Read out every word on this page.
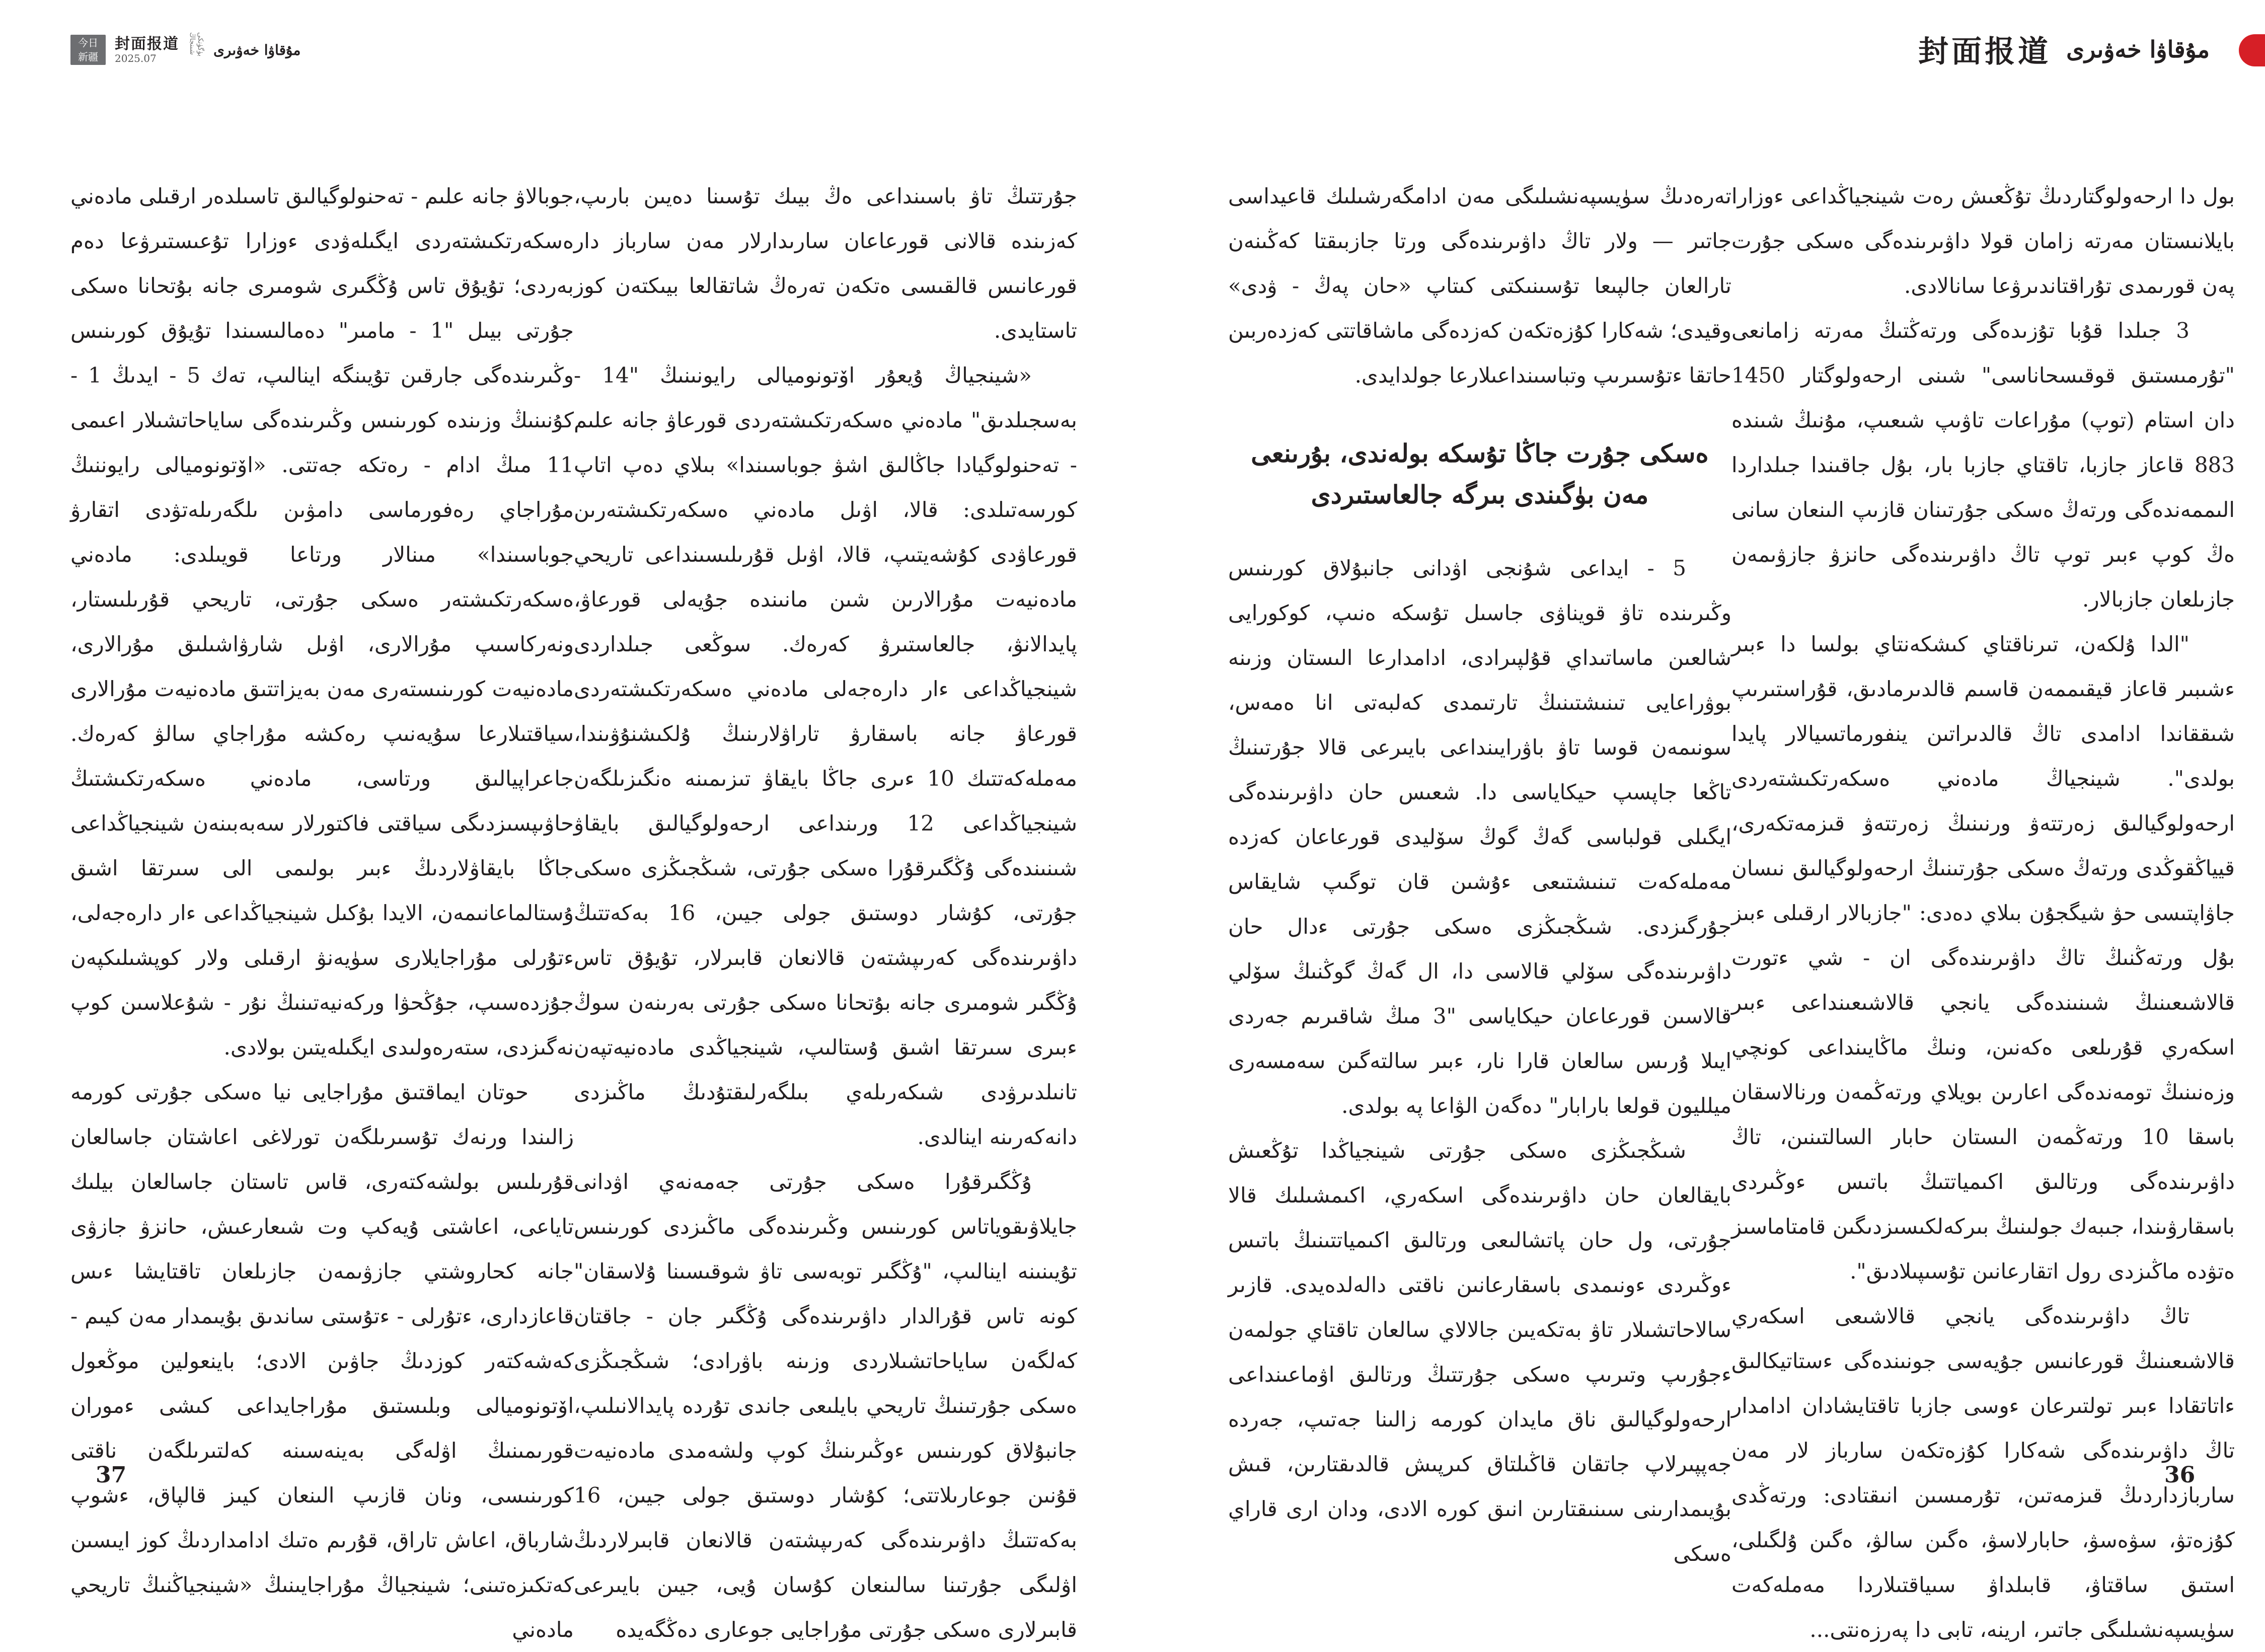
今日
新疆
封面报道
2025.07
بۈگۈنكى شىنجاڭ	مۇقاۋا خەۋىرى	封面报道 مۇقاۋا خەۋىرى

بول دا ارحەولوگتاردىڭ تۇڭعىش رەت شينجياڭداعى ءوزارا بايلانىستان مەرتە زامان قولا داۋىرىندەگى ەسكى جۇرت پەن قورىمدى تۇراقتاندىرۋعا سانالادى.

3 جىلدا قۇبا تۇزىدەگى ورتەڭتىڭ مەرتە زامانعى "تۇرمىستىق قوقىسحاناسى" شىنى ارحەولوگتار 1450 دان استام (توپ) مۇراعات تاۋىپ شىعىپ، مۇنىڭ شىندە 883 قاعاز جازبا، تاقتاي جازبا بار، بۇل جاقىندا جىلداردا الىممەندەگى ورتەڭ ەسكى جۇرتىنان قازىپ الىنعان سانى ەڭ كوپ ءبىر توپ تاڭ داۋىرىندەگى حانزۋ جازۋىمەن جازىلعان جازبالار.

"الدا ۇلكەن، تىرناقتاي كىشكەنتاي بولسا دا ءبىر ءشىبىر قاعاز قيقىممەن قاسىم قالدىرمادىق، قۇراستىرىپ شىققاندا ادامدى تاڭ قالدىراتىن ينفورماتسيالار پايدا بولدى". شينجياڭ مادەني ەسكەرتكىشتەردى ارحەولوگيالىق زەرتتەۋ ورنىنىڭ زەرتتەۋ قىزمەتكەرى، قيياڭقوڭدى ورتەڭ ەسكى جۇرتىنىڭ ارحەولوگيالىق نىسان جاۋاپتىسى حۋ شيگجۇن بىلاي دەدى: "جازبالار ارقىلى ءبىز بۇل ورتەڭنىڭ تاڭ داۋىرىندەگى ان - شي ءتورت قالاشىعىنىڭ شىنىندەگى يانجي قالاشىعىنداعى ءبىر اسكەري قۇرىلعى ەكەنىن، ونىڭ ماڭايىنداعى كونچي وزەنىنىڭ تومەندەگى اعارىن بويلاي ورتەڭمەن ورنالاسقان باسقا 10 ورتەڭمەن الىستان حابار السالتىنىن، تاڭ داۋىرىندەگى ورتالىق اكىمياتتىڭ باتىس ءوڭىردى باسقارۋىندا، جىبەك جولىنىڭ بىركەلكىسىزدىگىن قامتاماسىز ەتۋدە ماڭىزدى رول اتقارعانىن تۇسىپىلادىق".

تاڭ داۋىرىندەگى يانجي قالاشىعى اسكەري قالاشىعىنىڭ قورعانىس جۇيەسى جونىندەگى ءستاتيكالىق ءاتاتقادا ءبىر تولتىرعان ءوسى جازبا تاقتايشادان ادامدار تاڭ داۋىرىندەگى شەكارا كۇزەتكەن سارباز لار مەن ساربازداردىڭ قىزمەتىن، تۇرمىسىن انىقتادى: ورتەڭدى كۇزەتۋ، سۋەسۋ، حابارلاسۋ، ەگىن سالۋ، ەگىن ۇلگىلى، استىق ساقتاۋ، قابىلداۋ سىياقتىلاردا مەملەكەت سۈيسپەنشىلىگى جاتىر، ارينە، تابى دا پەرزەنتى...

تەرەدىڭ سۈيسپەنشىلىگى مەن ادامگەرشىلىك قاعيداسى جاتىر — ولار تاڭ داۋىرىندەگى ورتا جازبىقتا كەڭىنەن تارالعان جالپىعا تۇسىنىكتى كىتاپ «حان پەڭ - ۋدى» وقيدى؛ شەكارا كۇزەتكەن كەزدەگى ماشاقاتتى كەزدەربىن حاتقا ءتۇسىرىپ وتباسىنداعىلارعا جولدايدى.

ەسكى جۇرت جاڭا تۇسكە بولەندى، بۇرىنعى مەن بۈگىندى بىرگە جالعاستىردى

5 - ايداعى شۇنجى اۋدانى جانبۇلاق كورىنىس وڭىرىندە تاۋ قويناۋى جاسىل تۇسكە ەنىپ، كوكورايى شالعىن ماساتىداي قۇلپىرادى، ادامدارعا الىستان وزىنە بوۋراعايى تىنىشتىنىڭ تارتىمدى كەلبەتى انا ەمەس، سونىمەن قوسا تاۋ باۋرايىنداعى بايىرعى قالا جۇرتىنىڭ تاڭعا جاپسپ حيكاياسى دا. شعىس حان داۋىرىندەگى ايگىلى قولباسى گەڭ گوڭ سۆليدى قورعاعان كەزدە مەملەكەت تىنىشتىعى ءۇشىن قان توگىپ شايقاس جۇرگىزدى. شىڭجىڭزى ەسكى جۇرتى ءدال حان داۋىرىندەگى سۆلي قالاسى دا، ال گەڭ گوڭنىڭ سۆلي قالاسىن قورعاعان حيكاياسى "3 مىڭ شاقىرىم جەردى ايىلا ۇرىس سالعان قارا نار، ءبىر سالتەگىن سەمسەرى ميلليون قولعا بارابار" دەگەن الۋاعا پە بولدى.

شىڭجىڭزى ەسكى جۇرتى شينجياڭدا تۇڭعىش بايقالعان حان داۋىرىندەگى اسكەري، اكىمشىلىك قالا جۇرتى، ول حان پاتشالىعى ورتالىق اكىمياتتىنىڭ باتىس ءوڭىردى ءونىمدى باسقارعانىن ناقتى دالەلدەيدى. قازىر سالاحاتشىلار تاۋ بەتكەيىن جالالاي سالعان تاقتاي جولمەن ءجۇرىپ وتىرىپ ەسكى جۇرتتىڭ ورتالىق اۋماعىنداعى ارحەولوگيالىق ناق مايدان كورمە زالىنا جەتىپ، جەردە جەپپىرلاپ جاتقان قاڭىلتاق كىرپىش قالدىقتارىن، قىش بۇيىمدارىنى سىنىقتارىن انىق كورە الادى، ودان ارى قاراي ەسكى

جۇرتتىڭ تاۋ باسىنداعى ەڭ بيىك تۇسىنا دەيىن بارىپ، كەزىندە قالانى قورعاعان سارىدارلار مەن سارباز دار قورعانىس قالقىسى ەتكەن تەرەڭ شاتقالعا بيىكتەن كوز تاستايدى.

«شينجياڭ ۇيعۇر اۆتونوميالى رايونىنىڭ "14 - بەسجىلدىق" مادەني ەسكەرتكىشتەردى قورعاۋ جانە علىم - تەحنولوگيادا جاڭالىق اشۋ جوباسىندا» بىلاي دەپ اتاپ كورسەتىلدى: قالا، اۋىل مادەني ەسكەرتكىشتەرىن قورعاۋدى كۇشەيتىپ، قالا، اۋىل قۇرىلىسىنداعى تاريحي مادەنيەت مۇرالارىن شىن مانىندە جۇيەلى قورعاۋ، پايدالانۋ، جالعاستىرۋ كەرەك. سوڭعى جىلداردى شينجياڭداعى ءار دارەجەلى مادەني ەسكەرتكىشتەردى قورعاۋ جانە باسقارۋ تاراۋلارىنىڭ ۇلكىشنۇۋىندا، مەملەكەتتىك 10 ءىرى جاڭا بايقاۋ تىزىمىنە ەنگىزىلگەن شينجياڭداعى 12 ورىنداعى ارحەولوگيالىق بايقاۋ شىنىندەگى ۇڭگىرقۇرا ەسكى جۇرتى، شىڭجىڭزى ەسكى جۇرتى، كۇشار دوستىق جولى جيىن، 16 بەكەتتىڭ داۋىرىندەگى كەرىپشتەن قالانعان قابىرلار، تۇيۇق تاس ۇڭگىر شومىرى جانە بۇتحانا ەسكى جۇرتى بەرىنەن سوڭ ءبىرى سىرتقا اشىق ۇستالىپ، شينجياڭدى مادەنيەتپەن تانىلدىرۋدى شىكەرىلەي بىلگەرلىقتۇدىڭ ماڭىزدى دانەكەرىنە اينالدى.

ۇڭگىرقۇرا ەسكى جۇرتى جەمەنەي اۋدانى جايلاۋىقوياتاس كورىنىس وڭىرىندەگى ماڭىزدى كورىنىس تۇيىنىنە اينالىپ، "ۇڭگىر توبەسى تاۋ شوقىسىنا ۇلاسقان" كونە تاس قۇرالدار داۋىرىندەگى ۇڭگىر جان - جاقتان كەلگەن ساياحاتشىلاردى وزىنە باۋرادى؛ شىڭجىڭزى ەسكى جۇرتىنىڭ تاريحي بايلىعى جاندى تۇردە پايدالانىلىپ، جانبۇلاق كورىنىس ءوڭىرىنىڭ كوپ ولشەمدى مادەنيەت قۇنىن جوعارىلاتتى؛ كۇشار دوستىق جولى جيىن، 16 بەكەتتىڭ داۋىرىندەگى كەرىپشتەن قالانعان قابىرلاردىڭ اۋلىگى جۇرتىنا سالىنعان كۇسان ۇيى، جيىن بايىرعى قابىرلارى ەسكى جۇرتى مۇراجايى جوعارى دەڭگەيدە

جوبالاۋ جانە علىم - تەحنولوگيالىق تاسىلدەر ارقىلى مادەني ەسكەرتكىشتەردى ايگىلەۋدى ءوزارا تۇعىستىرۋعا دەم بەردى؛ تۇيۇق تاس ۇڭگىرى شومىرى جانە بۇتحانا ەسكى جۇرتى بيىل "1 - مامىر" دەمالىسىندا تۇيۇق كورىنىس وڭىرىندەگى جارقىن تۇيىنگە اينالىپ، تەك 5 - ايدىڭ 1 - كۇنىنىڭ وزىندە كورىنىس وڭىرىندەگى ساياحاتشىلار اعىمى 11 مىڭ ادام - رەتكە جەتتى. «اۆتونوميالى رايوننىڭ مۇراجاي رەفورماسى دامۋىن ىلگەرىلەتۋدى اتقارۋ جوباسىندا» مىنالار ورتاعا قويىلدى: مادەني ەسكەرتكىشتەر ەسكى جۇرتى، تاريحي قۇرىلىستار، ونەركاسىپ مۇرالارى، اۋىل شارۋاشىلىق مۇرالارى، مادەنيەت كورىنىستەرى مەن بەيزاتتىق مادەنيەت مۇرالارى سياقتىلارعا سۇيەنىپ رەكشە مۇراجاي سالۋ كەرەك. جاعراپيالىق ورتاسى، مادەني ەسكەرتكىشتىڭ حاۋىپسىزدىگى سياقتى فاكتورلار سەبەبىنەن شينجياڭداعى جاڭا بايقاۋلاردىڭ ءبىر بولىمى الى سىرتقا اشىق ۇستالماعانىمەن، الايدا بۇكىل شينجياڭداعى ءار دارەجەلى، ءتۇرلى مۇراجايلارى سۈيەنۋ ارقىلى ولار كوپشىلىكپەن جۇزدەسىپ، جۇڭحۋا وركەنيەتىنىڭ نۇر - شۇعلاسىن كوپ نەگىزدى، ستەرەولىدى ايگىلەيتىن بولادى.

حوتان ايماقتىق مۇراجايى نيا ەسكى جۇرتى كورمە زالىندا ورنەك تۇسىرىلگەن تورلاغى اعاشتان جاسالعان قۇرىلىس بولشەكتەرى، قاس تاستان جاسالعان بيلىك تاياعى، اعاشتى ۇيەكپ وت شىعارعىش، حانزۋ جازۋى جانە كحاروشتي جازۋىمەن جازىلعان تاقتايشا ءىس قاعازدارى، ءتۇرلى - ءتۇستى ساندىق بۇيىمدار مەن كيىم - كەشەكتەر كوزدىڭ جاۋىن الادى؛ باينعولين موڭعول اۆتونوميالى وبلىستىق مۇراجايداعى كىشى ءموران قورىمىنىڭ اۋلەگى بەينەسىنە كەلتىرىلگەن ناقتى كورىنىسى، ونان قازىپ الىنعان كيىز قالپاق، ءشوپ شارباق، اعاش تاراق، قۇرىم ەتىك ادامداردىڭ كوز ايىسىن كەتكىزەتىنى؛ شينجياڭ مۇراجايىنىڭ «شينجياڭنىڭ تاريحي مادەني

37	36
